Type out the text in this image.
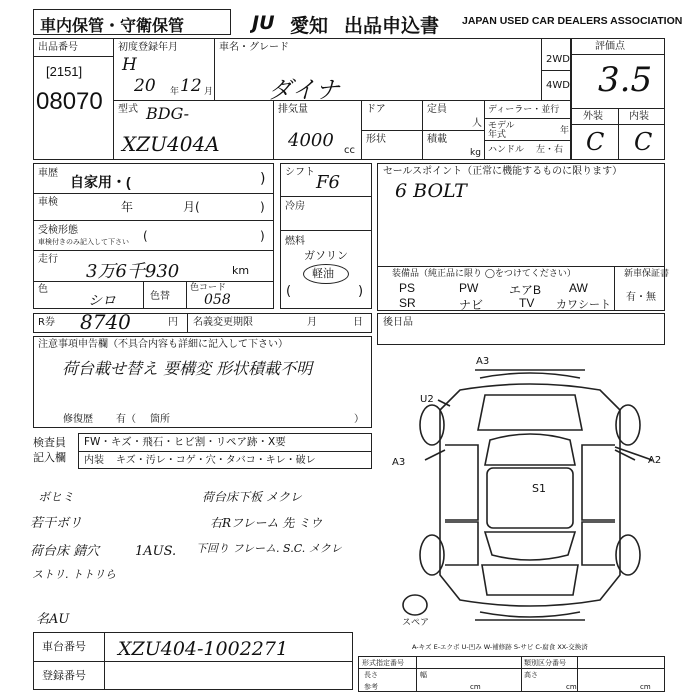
車内保管・守衛保管	JU 愛知 出品申込書 JAPAN USED CAR DEALERS ASSOCIATION
出品番号
[2151]
08070
初度登録年月
H
20 年 12 月
車名・グレード
ダイナ
2WD
4WD
型式 BDG-
XZU404A
排気量
4000 cc
ドア
形状
定員
人
積載
kg
ディーラー・並行
モデル
年式	年
ハンドル 左・右
評価点
3.5
外装	内装
C C
車歴
自家用・(	)
車検	年	月(	)
受検形態
車検付きのみ記入して下さい (	)
走行
3万6千930	km
色
シロ	色替
色コード
058
シフト F6
冷房
燃料
ガソリン
軽油
(	)
セールスポイント（正常に機能するものに限ります）
6 BOLT
装備品（純正品に限り ◯をつけてください）
PS	PW	エアB AW
SR	ナビ	TV カワシート
新車保証書
有・無
R券 8740	円 名義変更期限	月	日 後日品
注意事項申告欄（不具合内容も詳細に記入して下さい）
荷台載せ替え 要構変 形状積載不明
修復歴 有（ 箇所	）
検査員
記入欄
FW・キズ・飛石・ヒビ割・リペア跡・X要
内装 キズ・汚レ・コゲ・穴・タバコ・キレ・破レ
ボヒミ
若干ボリ
荷台床 錆穴	1AUS.
ストリ. トトリら
荷台床下板 メクレ
右Rフレーム 先 ミウ
下回り フレーム. S.C. メクレ
名AU
A3
U2
A3	A2
S1
スペア
A-キズ E-エクボ U-凹み W-補修跡 S-サビ C-腐食 XX-交換済
車台番号 XZU404-1002271
登録番号
形式指定番号	類別区分番号
長さ	幅	高さ
参考	cm	cm	cm
